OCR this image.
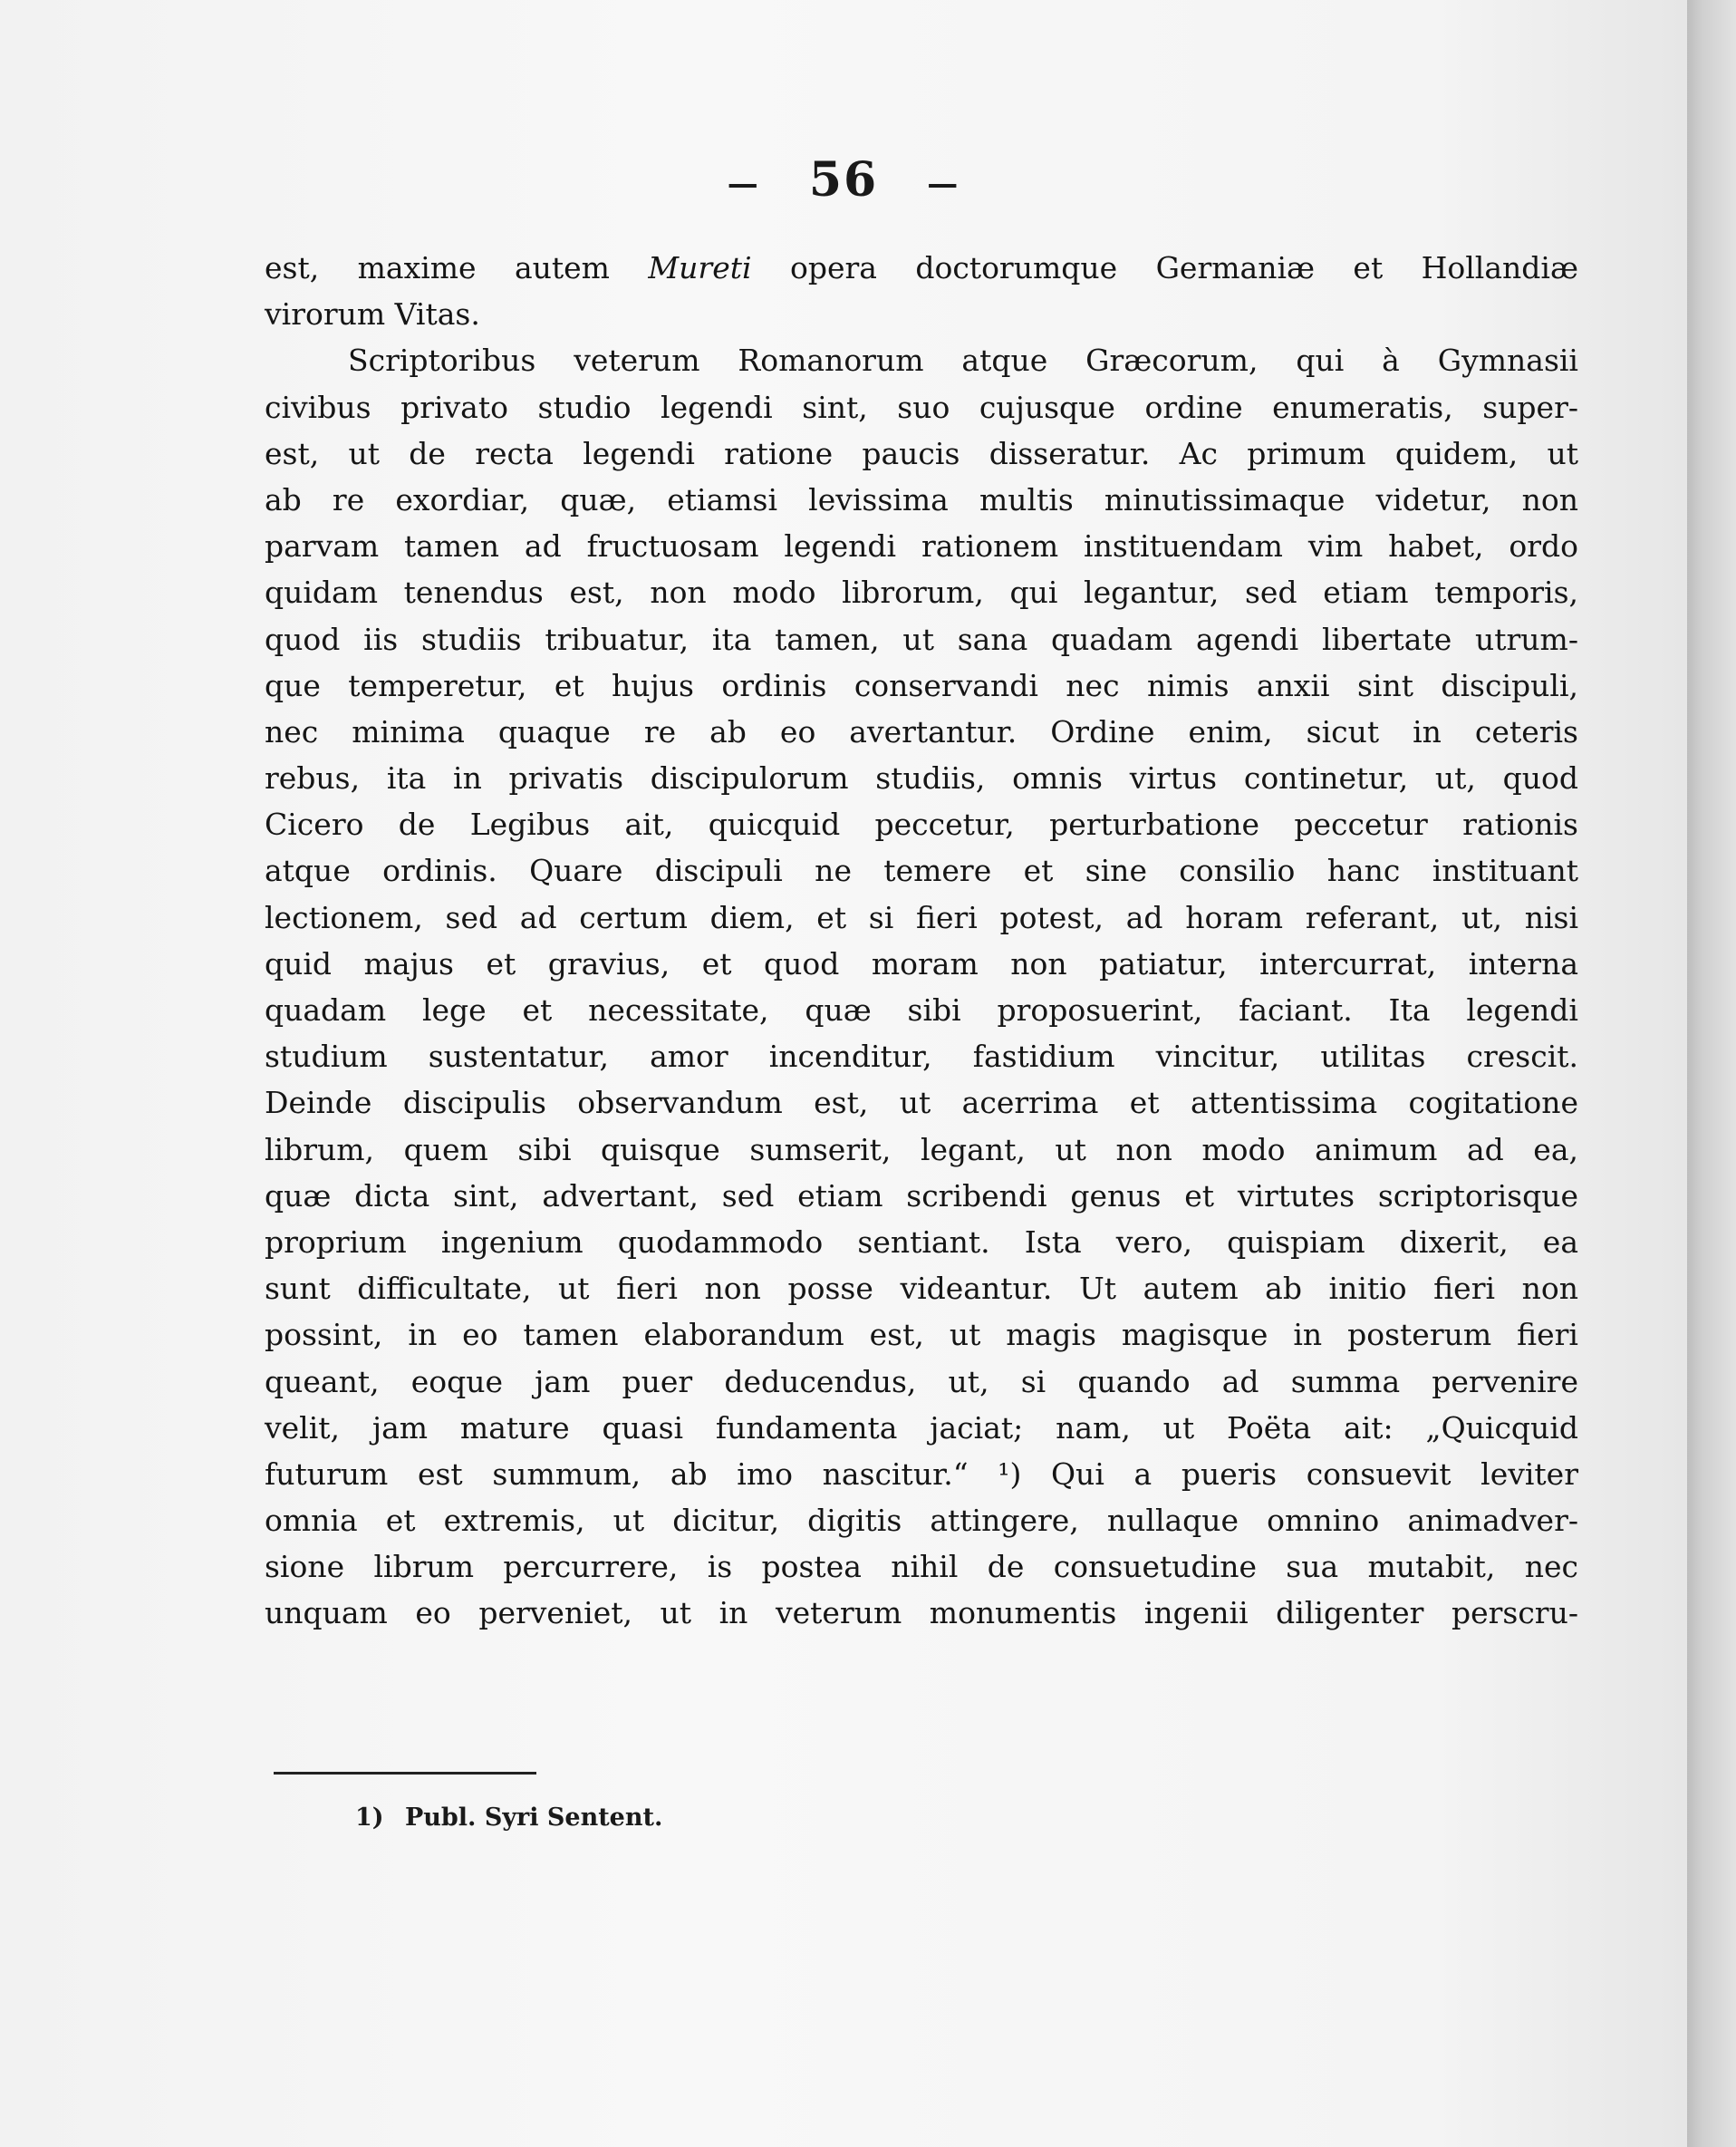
— 56 —
est, maxime autem Mureti opera doctorumque Germaniæ et Hollandiæ
virorum Vitas.
Scriptoribus veterum Romanorum atque Græcorum, qui à Gymnasii
civibus privato studio legendi sint, suo cujusque ordine enumeratis, super-
est, ut de recta legendi ratione paucis disseratur. Ac primum quidem, ut
ab re exordiar, quæ, etiamsi levissima multis minutissimaque videtur, non
parvam tamen ad fructuosam legendi rationem instituendam vim habet, ordo
quidam tenendus est, non modo librorum, qui legantur, sed etiam temporis,
quod iis studiis tribuatur, ita tamen, ut sana quadam agendi libertate utrum-
que temperetur, et hujus ordinis conservandi nec nimis anxii sint discipuli,
nec minima quaque re ab eo avertantur. Ordine enim, sicut in ceteris
rebus, ita in privatis discipulorum studiis, omnis virtus continetur, ut, quod
Cicero de Legibus ait, quicquid peccetur, perturbatione peccetur rationis
atque ordinis. Quare discipuli ne temere et sine consilio hanc instituant
lectionem, sed ad certum diem, et si fieri potest, ad horam referant, ut, nisi
quid majus et gravius, et quod moram non patiatur, intercurrat, interna
quadam lege et necessitate, quæ sibi proposuerint, faciant. Ita legendi
studium sustentatur, amor incenditur, fastidium vincitur, utilitas crescit.
Deinde discipulis observandum est, ut acerrima et attentissima cogitatione
librum, quem sibi quisque sumserit, legant, ut non modo animum ad ea,
quæ dicta sint, advertant, sed etiam scribendi genus et virtutes scriptorisque
proprium ingenium quodammodo sentiant. Ista vero, quispiam dixerit, ea
sunt difficultate, ut fieri non posse videantur. Ut autem ab initio fieri non
possint, in eo tamen elaborandum est, ut magis magisque in posterum fieri
queant, eoque jam puer deducendus, ut, si quando ad summa pervenire
velit, jam mature quasi fundamenta jaciat; nam, ut Poëta ait: „Quicquid
futurum est summum, ab imo nascitur.“ ¹) Qui a pueris consuevit leviter
omnia et extremis, ut dicitur, digitis attingere, nullaque omnino animadver-
sione librum percurrere, is postea nihil de consuetudine sua mutabit, nec
unquam eo perveniet, ut in veterum monumentis ingenii diligenter perscru-
1) Publ. Syri Sentent.
